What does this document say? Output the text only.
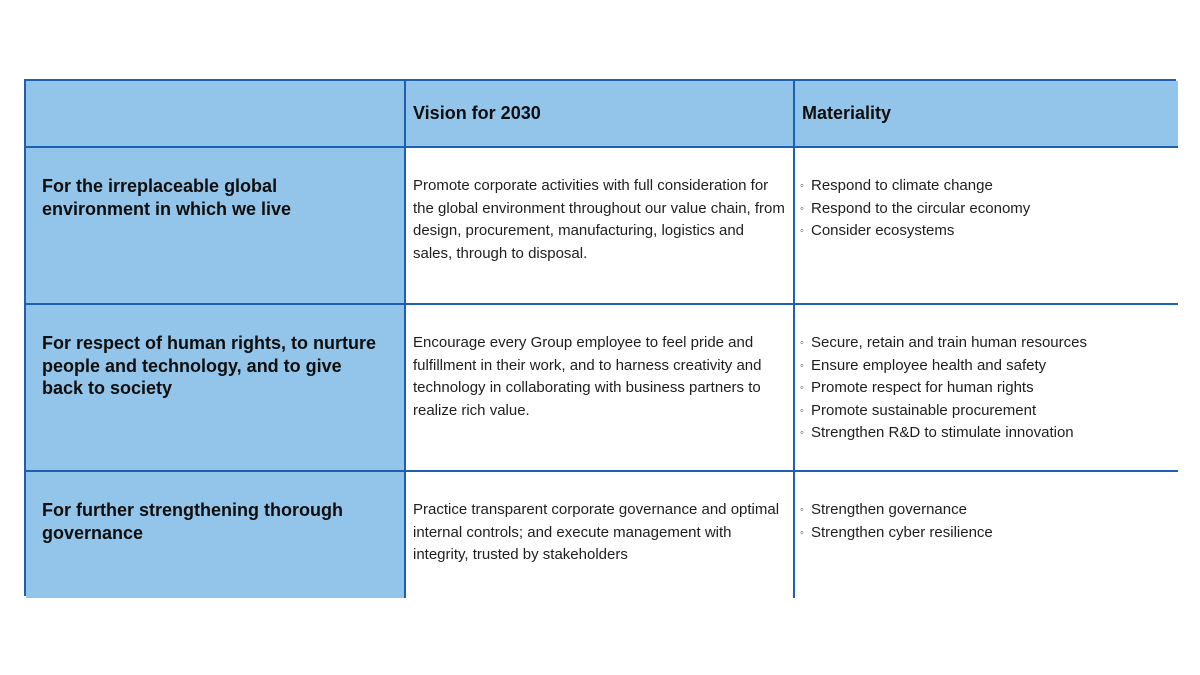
Vision for 2030	Materiality
For the irreplaceable global environment in which we live
Promote corporate activities with full consideration for the global environment throughout our value chain, from design, procurement, manufacturing, logistics and sales, through to disposal.
◦ Respond to climate change
◦ Respond to the circular economy
◦ Consider ecosystems
For respect of human rights, to nurture people and technology, and to give back to society
Encourage every Group employee to feel pride and fulfillment in their work, and to harness creativity and technology in collaborating with business partners to realize rich value.
◦ Secure, retain and train human resources
◦ Ensure employee health and safety
◦ Promote respect for human rights
◦ Promote sustainable procurement
◦ Strengthen R&D to stimulate innovation
For further strengthening thorough governance
Practice transparent corporate governance and optimal internal controls; and execute management with integrity, trusted by stakeholders
◦ Strengthen governance
◦ Strengthen cyber resilience
